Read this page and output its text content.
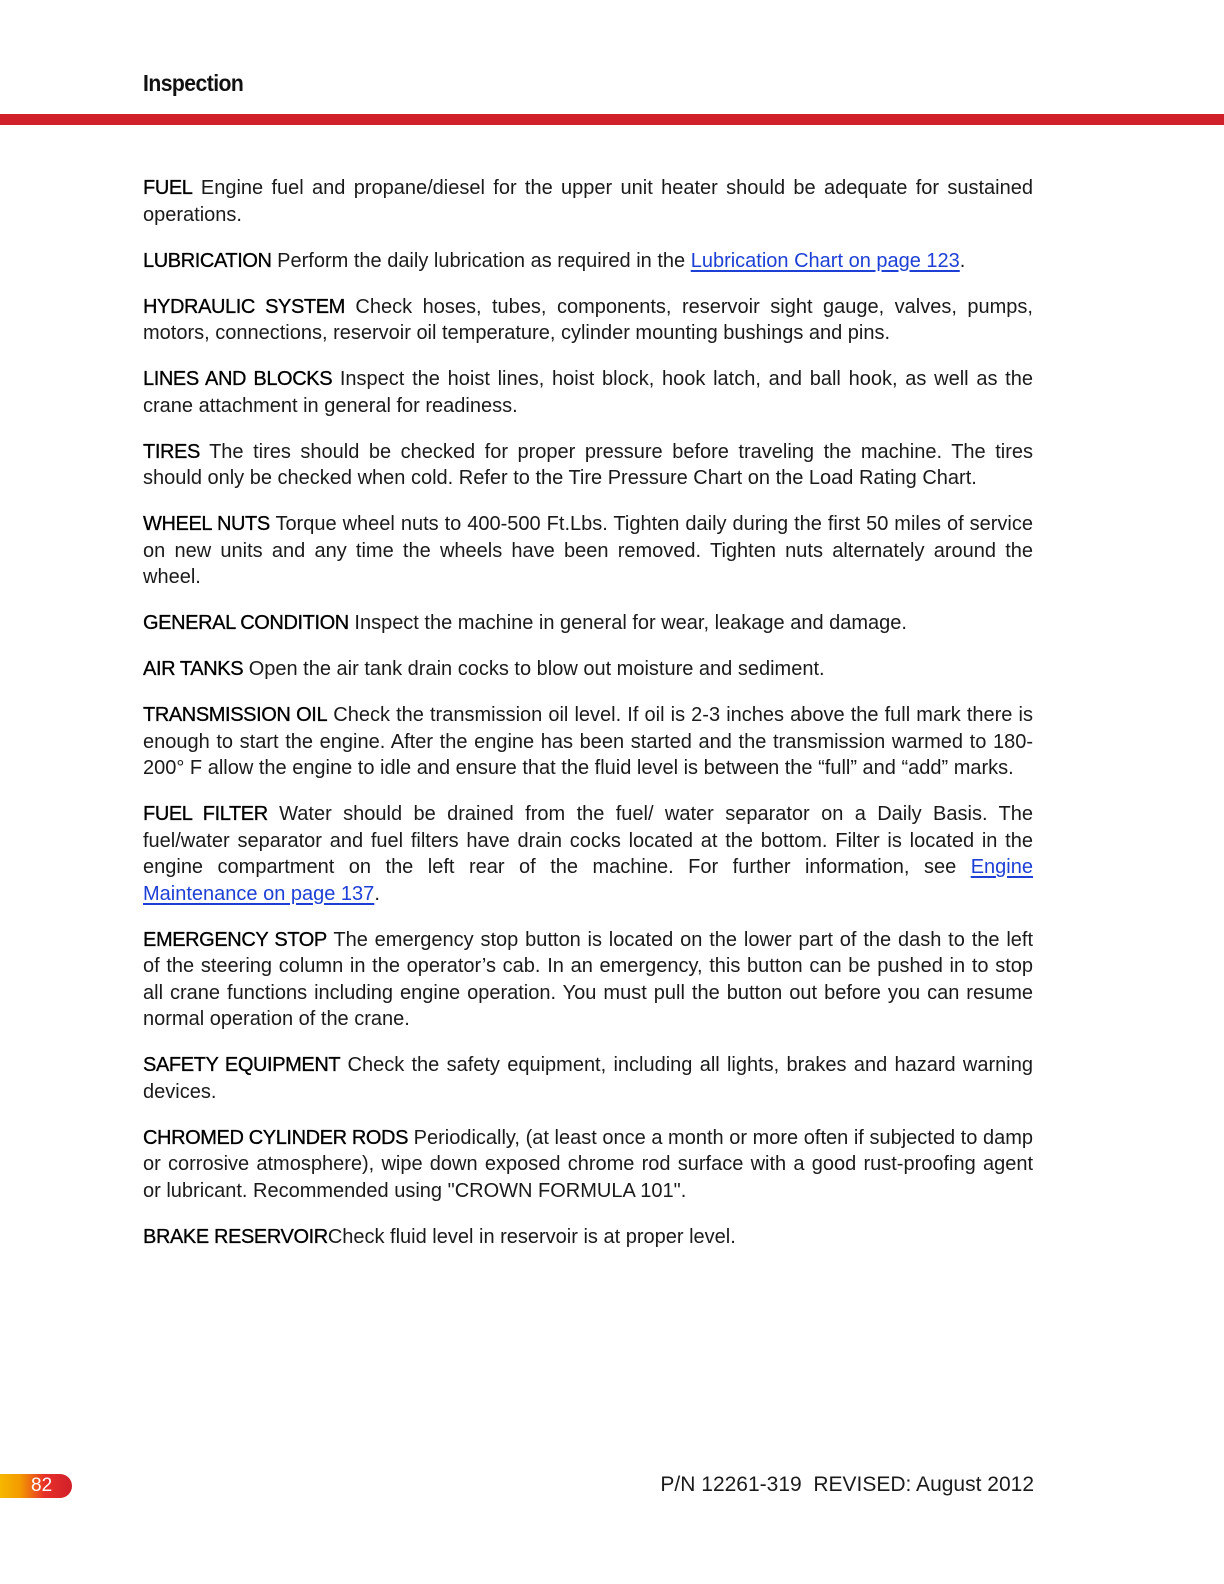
Inspection

FUEL Engine fuel and propane/diesel for the upper unit heater should be adequate for sustained operations.

LUBRICATION Perform the daily lubrication as required in the Lubrication Chart on page 123.

HYDRAULIC SYSTEM Check hoses, tubes, components, reservoir sight gauge, valves, pumps, motors, connections, reservoir oil temperature, cylinder mounting bushings and pins.

LINES AND BLOCKS Inspect the hoist lines, hoist block, hook latch, and ball hook, as well as the crane attachment in general for readiness.

TIRES The tires should be checked for proper pressure before traveling the machine. The tires should only be checked when cold. Refer to the Tire Pressure Chart on the Load Rating Chart.

WHEEL NUTS Torque wheel nuts to 400-500 Ft.Lbs. Tighten daily during the first 50 miles of service on new units and any time the wheels have been removed. Tighten nuts alternately around the wheel.

GENERAL CONDITION Inspect the machine in general for wear, leakage and damage.

AIR TANKS Open the air tank drain cocks to blow out moisture and sediment.

TRANSMISSION OIL Check the transmission oil level. If oil is 2-3 inches above the full mark there is enough to start the engine. After the engine has been started and the transmission warmed to 180-200° F allow the engine to idle and ensure that the fluid level is between the “full” and “add” marks.

FUEL FILTER Water should be drained from the fuel/ water separator on a Daily Basis. The fuel/water separator and fuel filters have drain cocks located at the bottom. Filter is located in the engine compartment on the left rear of the machine. For further information, see Engine Maintenance on page 137.

EMERGENCY STOP The emergency stop button is located on the lower part of the dash to the left of the steering column in the operator’s cab. In an emergency, this button can be pushed in to stop all crane functions including engine operation. You must pull the button out before you can resume normal operation of the crane.

SAFETY EQUIPMENT Check the safety equipment, including all lights, brakes and hazard warning devices.

CHROMED CYLINDER RODS Periodically, (at least once a month or more often if subjected to damp or corrosive atmosphere), wipe down exposed chrome rod surface with a good rust-proofing agent or lubricant. Recommended using "CROWN FORMULA 101".

BRAKE RESERVOIRCheck fluid level in reservoir is at proper level.

82	P/N 12261-319  REVISED: August 2012
